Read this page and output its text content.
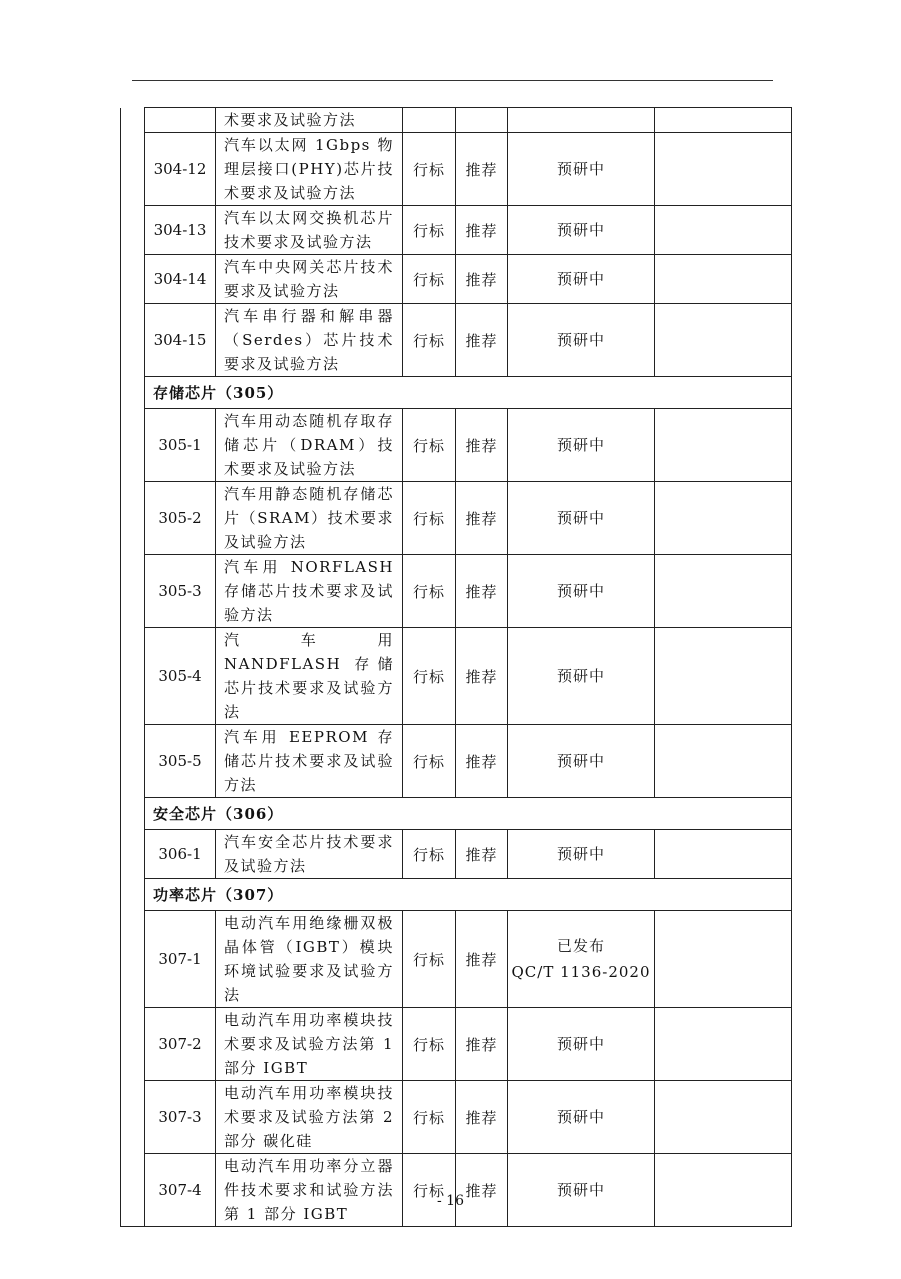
		术要求及试验方法				
	304-12	汽车以太网 1Gbps 物理层接口(PHY)芯片技术要求及试验方法	行标	推荐	预研中	

	304-13	汽车以太网交换机芯片技术要求及试验方法	行标	推荐	预研中	

	304-14	汽车中央网关芯片技术要求及试验方法	行标	推荐	预研中	

	304-15	汽车串行器和解串器（Serdes）芯片技术要求及试验方法	行标	推荐	预研中	

	存储芯片（305）					
	305-1	汽车用动态随机存取存储芯片（DRAM）技术要求及试验方法	行标	推荐	预研中	

	305-2	汽车用静态随机存储芯片（SRAM）技术要求及试验方法	行标	推荐	预研中	

	305-3	汽车用 NORFLASH 存储芯片技术要求及试验方法	行标	推荐	预研中	

	305-4	汽车用 NANDFLASH 存储芯片技术要求及试验方法	行标	推荐	预研中	

	305-5	汽车用 EEPROM 存储芯片技术要求及试验方法	行标	推荐	预研中	

	安全芯片（306）					
	306-1	汽车安全芯片技术要求及试验方法	行标	推荐	预研中	

	功率芯片（307）					
	307-1	电动汽车用绝缘栅双极晶体管（IGBT）模块环境试验要求及试验方法	行标	推荐	已发布
QC/T 1136-2020	

	307-2	电动汽车用功率模块技术要求及试验方法第 1 部分 IGBT	行标	推荐	预研中	

	307-3	电动汽车用功率模块技术要求及试验方法第 2 部分 碳化硅	行标	推荐	预研中	

	307-4	电动汽车用功率分立器件技术要求和试验方法第 1 部分 IGBT	行标	推荐	预研中	

- 16
